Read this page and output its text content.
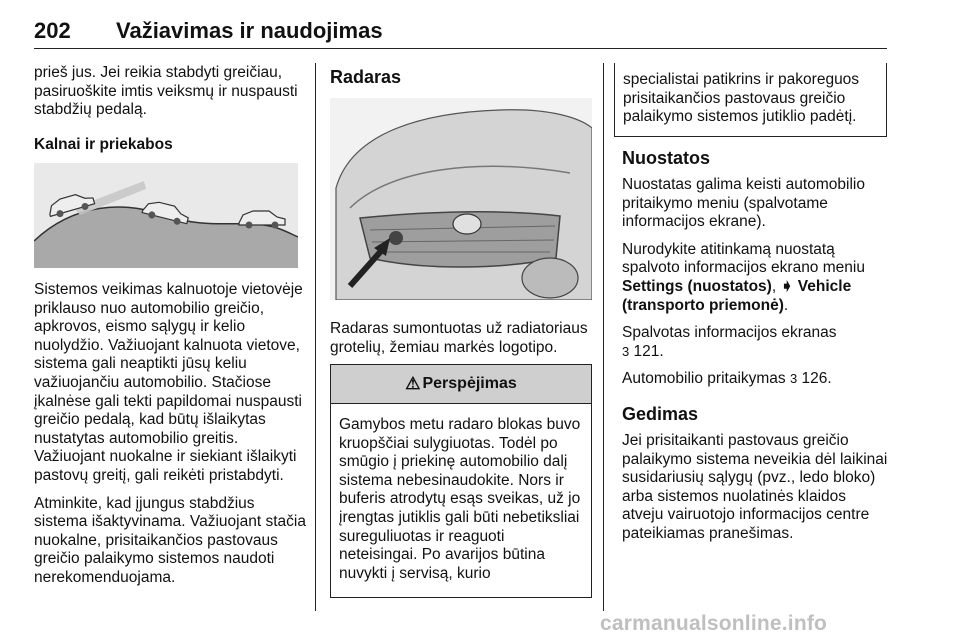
202 Važiavimas ir naudojimas

prieš jus. Jei reikia stabdyti greičiau, pasiruoškite imtis veiksmų ir nuspausti stabdžių pedalą.

Kalnai ir priekabos

Sistemos veikimas kalnuotoje vietovėje priklauso nuo automobilio greičio, apkrovos, eismo sąlygų ir kelio nuolydžio. Važiuojant kalnuota vietove, sistema gali neaptikti jūsų keliu važiuojančiu automobilio. Stačiose įkalnėse gali tekti papildomai nuspausti greičio pedalą, kad būtų išlaikytas nustatytas automobilio greitis. Važiuojant nuokalne ir siekiant išlaikyti pastovų greitį, gali reikėti pristabdyti.

Atminkite, kad įjungus stabdžius sistema išaktyvinama. Važiuojant stačia nuokalne, prisitaikančios pastovaus greičio palaikymo sistemos naudoti nerekomenduojama.

Radaras
Radaras sumontuotas už radiatoriaus grotelių, žemiau markės logotipo.
⚠ Perspėjimas
Gamybos metu radaro blokas buvo kruopščiai sulygiuotas. Todėl po smūgio į priekinę automobilio dalį sistema nebesinaudokite. Nors ir buferis atrodytų esąs sveikas, už jo įrengtas jutiklis gali būti nebetiksliai sureguliuotas ir reaguoti neteisingai. Po avarijos būtina nuvykti į servisą, kurio
specialistai patikrins ir pakoreguos prisitaikančios pastovaus greičio palaikymo sistemos jutiklio padėtį.
Nuostatos

Nuostatas galima keisti automobilio pritaikymo meniu (spalvotame informacijos ekrane).

Nurodykite atitinkamą nuostatą spalvoto informacijos ekrano meniu Settings (nuostatos), ➧ Vehicle (transporto priemonė).

Spalvotas informacijos ekranas
3 121.

Automobilio pritaikymas 3 126.

Gedimas

Jei prisitaikanti pastovaus greičio palaikymo sistema neveikia dėl laikinai susidariusių sąlygų (pvz., ledo bloko) arba sistemos nuolatinės klaidos atveju vairuotojo informacijos centre pateikiamas pranešimas.

carmanualsonline.info
